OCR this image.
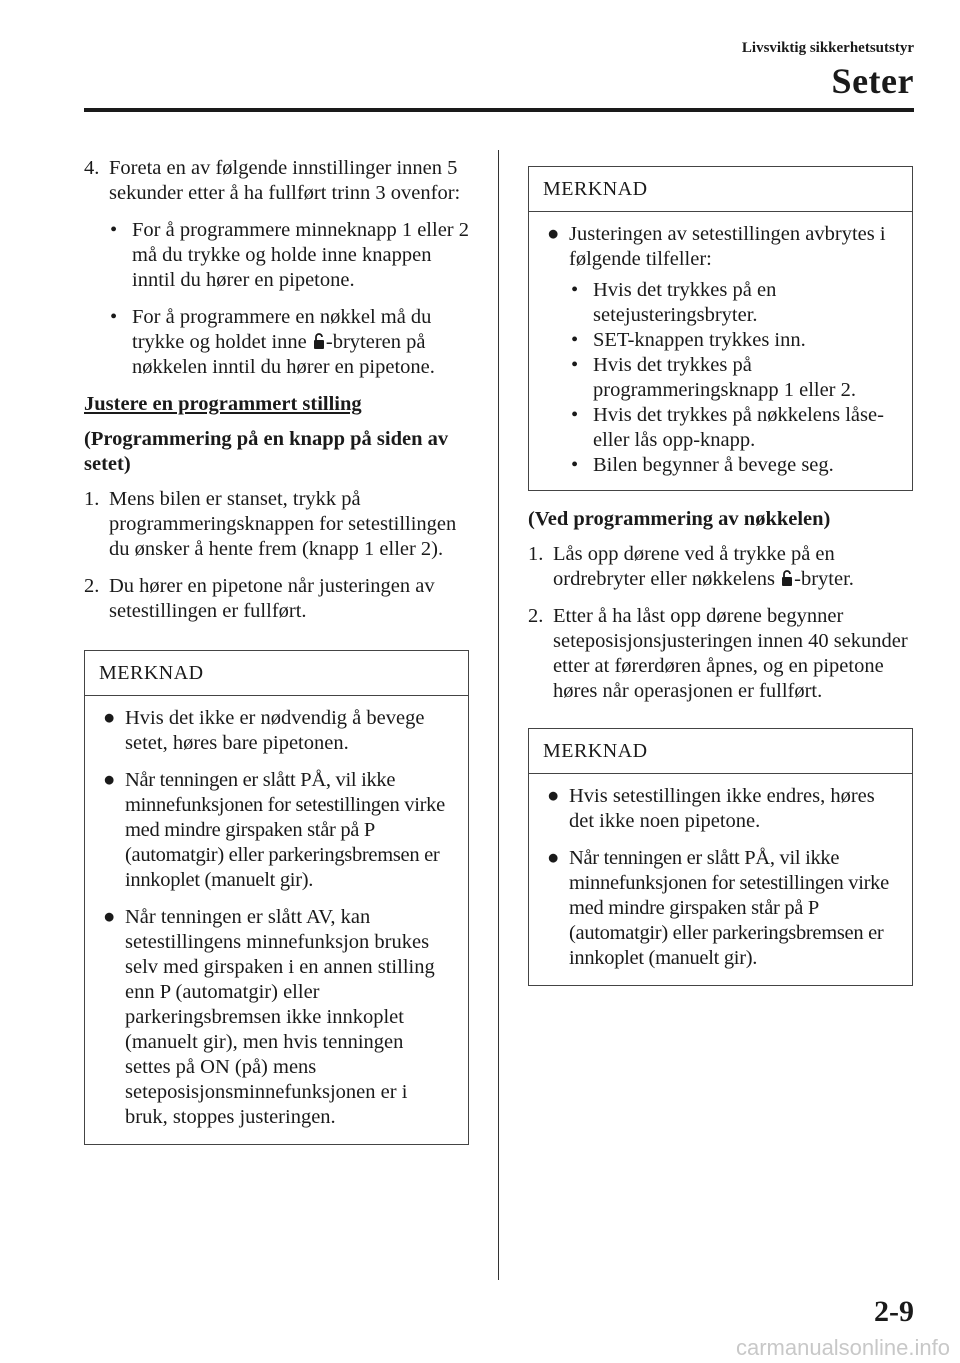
Livsviktig sikkerhetsutstyr
Seter
4. Foreta en av følgende innstillinger innen 5 sekunder etter å ha fullført trinn 3 ovenfor:
• For å programmere minneknapp 1 eller 2 må du trykke og holde inne knappen inntil du hører en pipetone.
• For å programmere en nøkkel må du trykke og holdet inne -bryteren på nøkkelen inntil du hører en pipetone.
Justere en programmert stilling
(Programmering på en knapp på siden av setet)
1. Mens bilen er stanset, trykk på programmeringsknappen for setestillingen du ønsker å hente frem (knapp 1 eller 2).
2. Du hører en pipetone når justeringen av setestillingen er fullført.
MERKNAD
● Hvis det ikke er nødvendig å bevege setet, høres bare pipetonen.
● Når tenningen er slått PÅ, vil ikke minnefunksjonen for setestillingen virke med mindre girspaken står på P (automatgir) eller parkeringsbremsen er innkoplet (manuelt gir).
● Når tenningen er slått AV, kan setestillingens minnefunksjon brukes selv med girspaken i en annen stilling enn P (automatgir) eller parkeringsbremsen ikke innkoplet (manuelt gir), men hvis tenningen settes på ON (på) mens seteposisjonsminnefunksjonen er i bruk, stoppes justeringen.
MERKNAD
● Justeringen av setestillingen avbrytes i følgende tilfeller:
• Hvis det trykkes på en setejusteringsbryter.
• SET-knappen trykkes inn.
• Hvis det trykkes på programmeringsknapp 1 eller 2.
• Hvis det trykkes på nøkkelens låse- eller lås opp-knapp.
• Bilen begynner å bevege seg.
(Ved programmering av nøkkelen)
1. Lås opp dørene ved å trykke på en ordrebryter eller nøkkelens -bryter.
2. Etter å ha låst opp dørene begynner seteposisjonsjusteringen innen 40 sekunder etter at førerdøren åpnes, og en pipetone høres når operasjonen er fullført.
MERKNAD
● Hvis setestillingen ikke endres, høres det ikke noen pipetone.
● Når tenningen er slått PÅ, vil ikke minnefunksjonen for setestillingen virke med mindre girspaken står på P (automatgir) eller parkeringsbremsen er innkoplet (manuelt gir).
2-9
carmanualsonline.info
